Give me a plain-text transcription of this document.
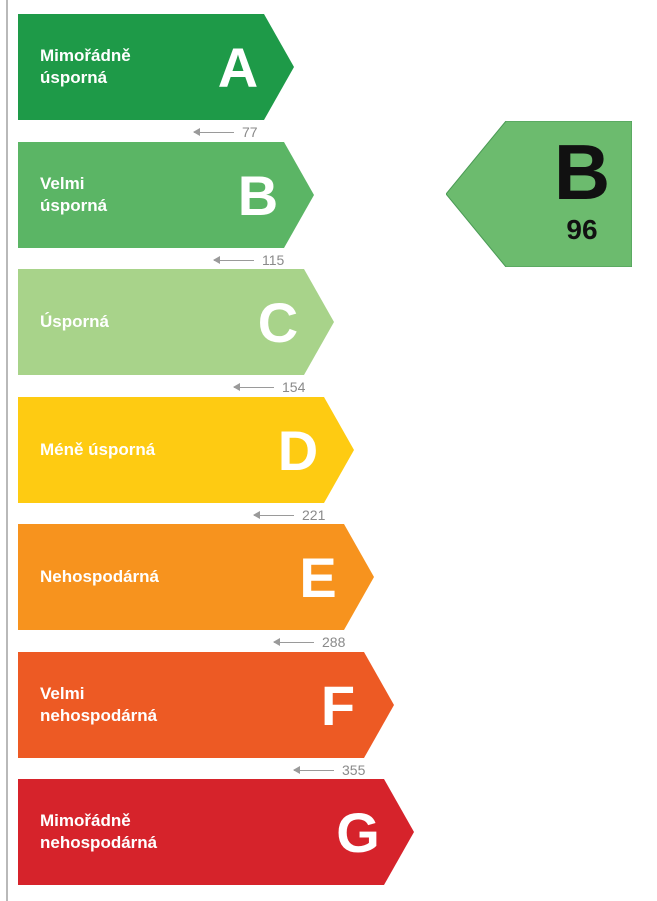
Mimořádně
úsporná	A
77
Velmi
úsporná B
115
Úsporná	C
154
Méně úsporná D
221
Nehospodárná	E
288
Velmi
nehospodárná	F
355
Mimořádně
nehospodárná	G
B
96
